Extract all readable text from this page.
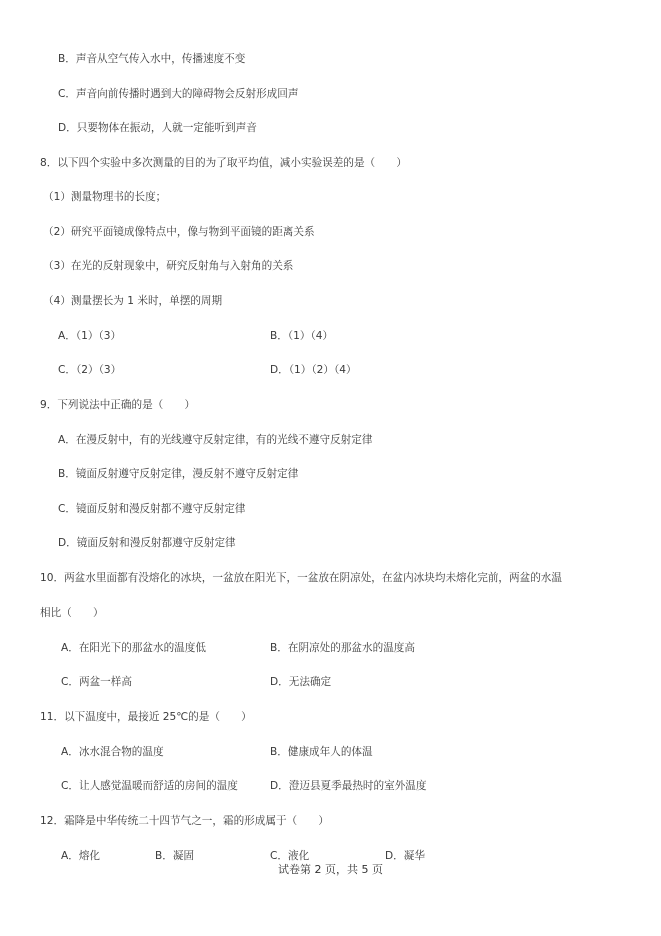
B．声音从空气传入水中，传播速度不变
C．声音向前传播时遇到大的障碍物会反射形成回声
D．只要物体在振动，人就一定能听到声音
8．以下四个实验中多次测量的目的为了取平均值，减小实验误差的是（　　）
（1）测量物理书的长度；
（2）研究平面镜成像特点中，像与物到平面镜的距离关系
（3）在光的反射现象中，研究反射角与入射角的关系
（4）测量摆长为 1 米时，单摆的周期
A．（1）（3）	B．（1）（4）
C．（2）（3）	D．（1）（2）（4）
9．下列说法中正确的是（　　）
A．在漫反射中，有的光线遵守反射定律，有的光线不遵守反射定律
B．镜面反射遵守反射定律，漫反射不遵守反射定律
C．镜面反射和漫反射都不遵守反射定律
D．镜面反射和漫反射都遵守反射定律
10．两盆水里面都有没熔化的冰块，一盆放在阳光下，一盆放在阴凉处，在盆内冰块均未熔化完前，两盆的水温
相比（　　）
A．在阳光下的那盆水的温度低	B．在阴凉处的那盆水的温度高
C．两盆一样高	D．无法确定
11．以下温度中，最接近 25℃的是（　　）
A．冰水混合物的温度	B．健康成年人的体温
C．让人感觉温暖而舒适的房间的温度	D．澄迈县夏季最热时的室外温度
12．霜降是中华传统二十四节气之一，霜的形成属于（　　）
A．熔化	B．凝固	C．液化	D．凝华
试卷第 2 页，共 5 页
